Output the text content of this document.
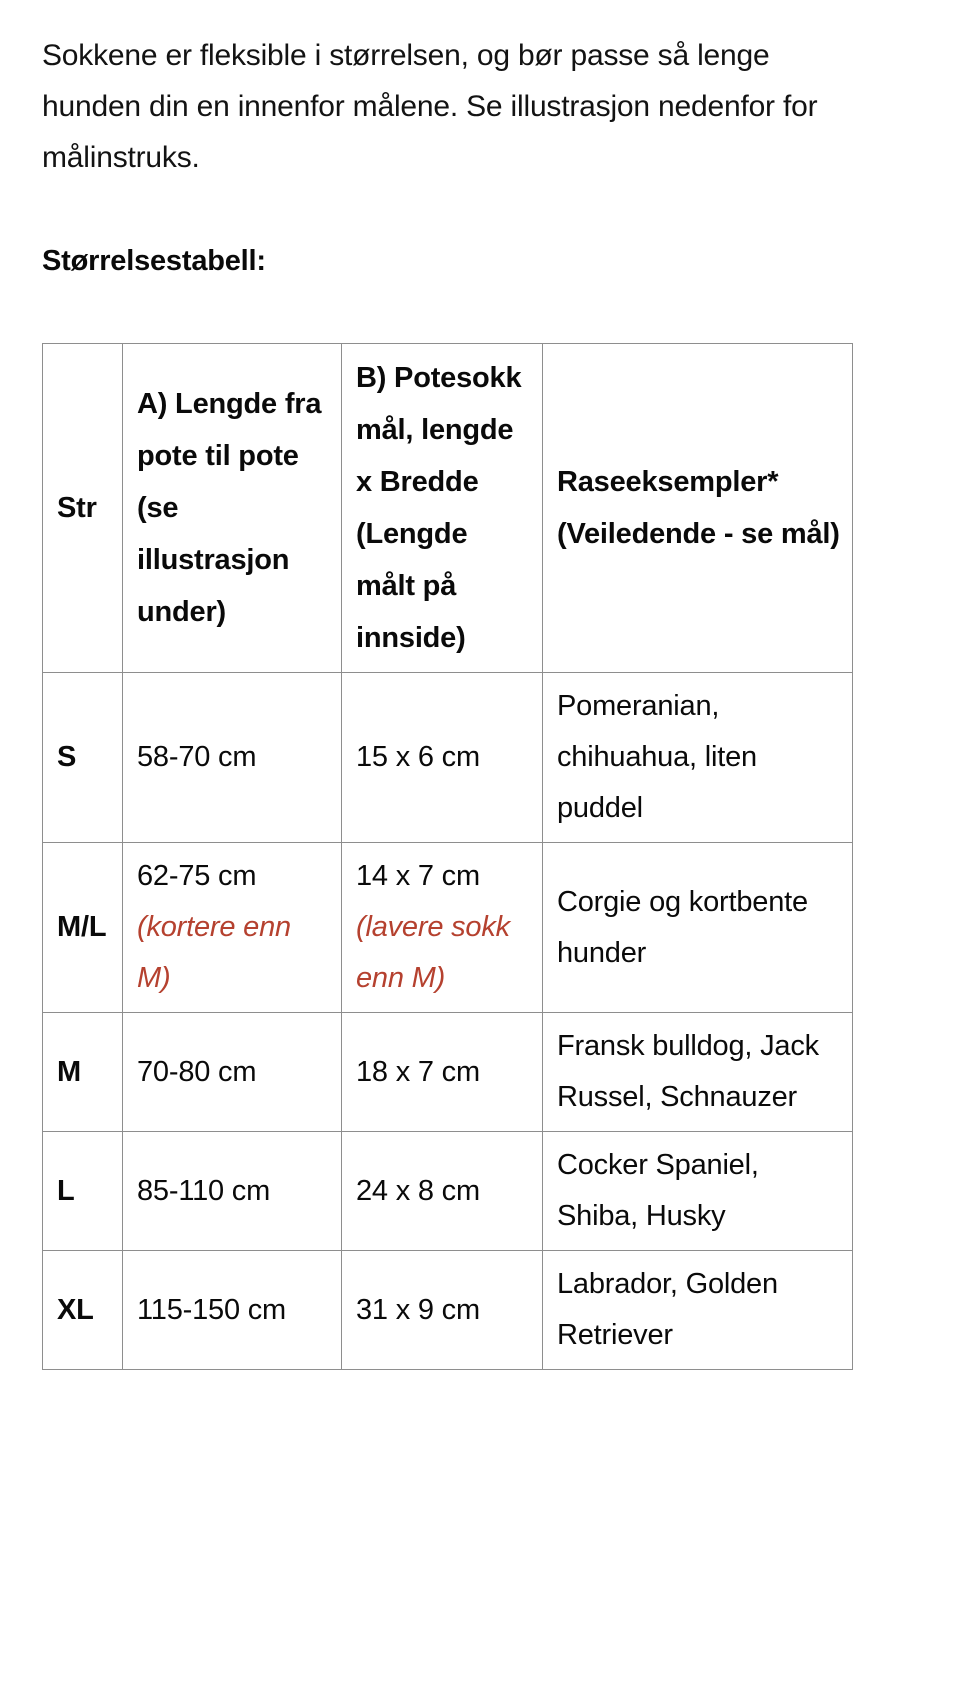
Sokkene er fleksible i størrelsen, og bør passe så lenge hunden din en innenfor målene. Se illustrasjon nedenfor for målinstruks.

Størrelsestabell:
Str	A) Lengde fra pote til pote (se illustrasjon under)	B) Potesokk mål, lengde x Bredde (Lengde målt på innside)	Raseeksempler* (Veiledende - se mål)
S	58-70 cm	15 x 6 cm	Pomeranian, chihuahua, liten puddel
M/L	62-75 cm (kortere enn M)	14 x 7 cm (lavere sokk enn M)	Corgie og kortbente hunder
M	70-80 cm	18 x 7 cm	Fransk bulldog, Jack Russel, Schnauzer
L	85-110 cm	24 x 8 cm	Cocker Spaniel, Shiba, Husky
XL	115-150 cm	31 x 9 cm	Labrador, Golden Retriever
